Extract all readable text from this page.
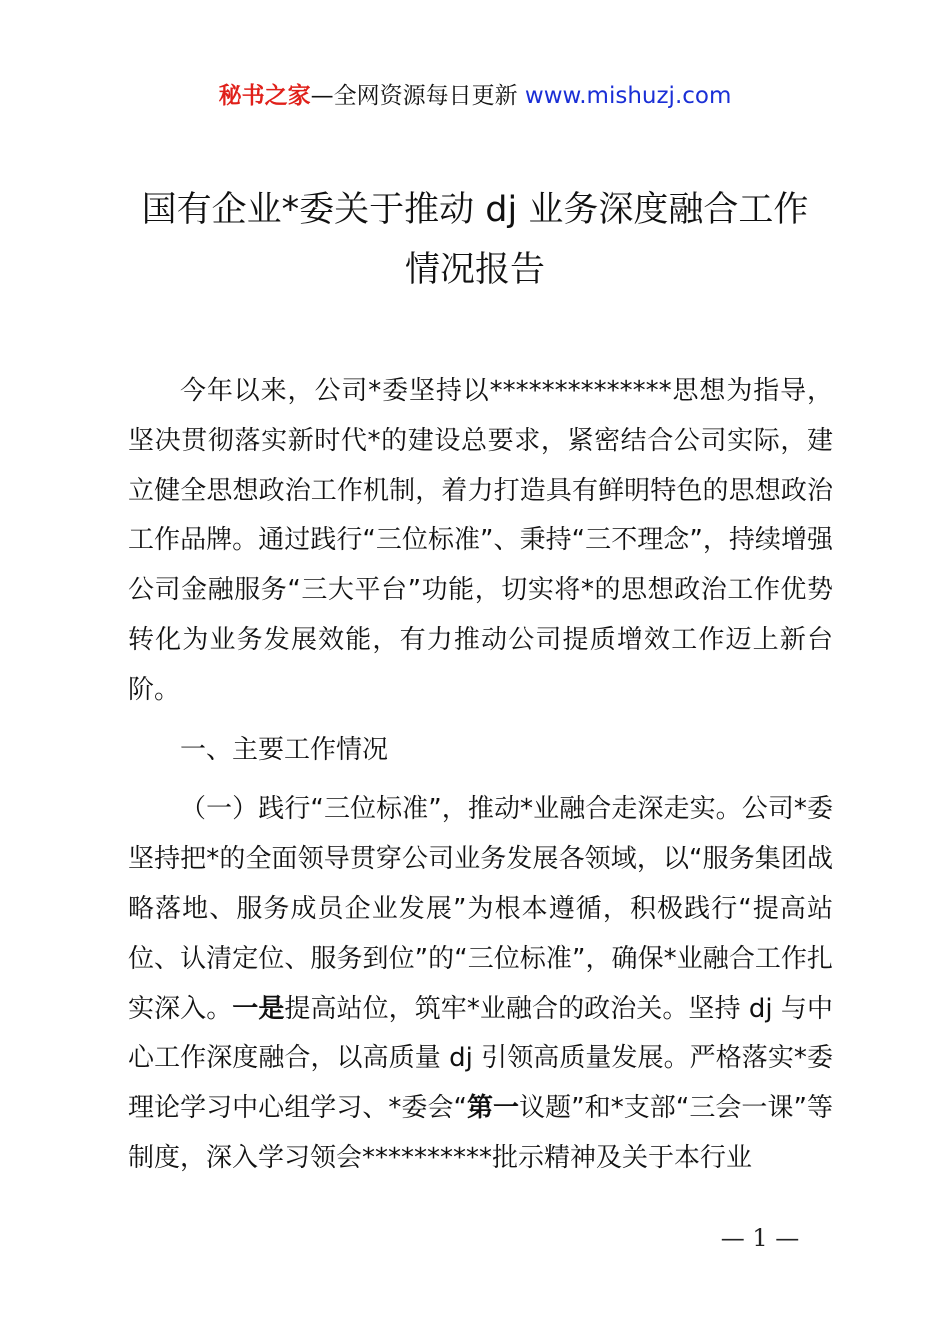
秘书之家—全网资源每日更新 www.mishuzj.com
国有企业*委关于推动 dj 业务深度融合工作
情况报告

今年以来，公司*委坚持以**************思想为指导，坚决贯彻落实新时代*的建设总要求，紧密结合公司实际，建立健全思想政治工作机制，着力打造具有鲜明特色的思想政治工作品牌。通过践行“三位标准”、秉持“三不理念”，持续增强公司金融服务“三大平台”功能，切实将*的思想政治工作优势转化为业务发展效能，有力推动公司提质增效工作迈上新台阶。

一、主要工作情况

（一）践行“三位标准”，推动*业融合走深走实。公司*委坚持把*的全面领导贯穿公司业务发展各领域，以“服务集团战略落地、服务成员企业发展”为根本遵循，积极践行“提高站位、认清定位、服务到位”的“三位标准”，确保*业融合工作扎实深入。一是提高站位，筑牢*业融合的政治关。坚持 dj 与中心工作深度融合，以高质量 dj 引领高质量发展。严格落实*委理论学习中心组学习、*委会“第一议题”和*支部“三会一课”等制度，深入学习领会**********批示精神及关于本行业

— 1 —
